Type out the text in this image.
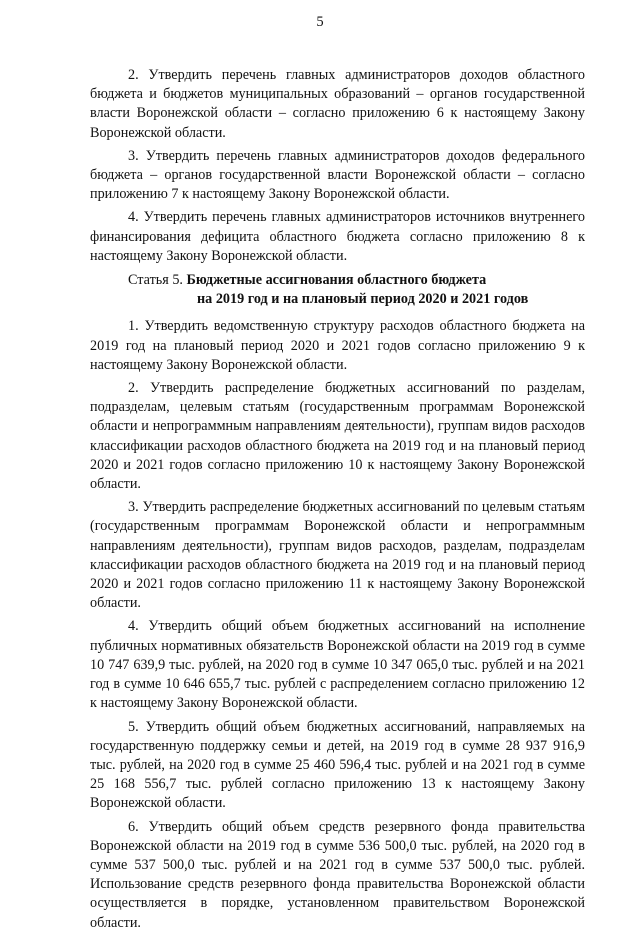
5

2. Утвердить перечень главных администраторов доходов областного бюджета и бюджетов муниципальных образований – органов государственной власти Воронежской области – согласно приложению 6 к настоящему Закону Воронежской области.

3. Утвердить перечень главных администраторов доходов федерального бюджета – органов государственной власти Воронежской области – согласно приложению 7 к настоящему Закону Воронежской области.

4. Утвердить перечень главных администраторов источников внутреннего финансирования дефицита областного бюджета согласно приложению 8 к настоящему Закону Воронежской области.

Статья 5. Бюджетные ассигнования областного бюджета
на 2019 год и на плановый период 2020 и 2021 годов

1. Утвердить ведомственную структуру расходов областного бюджета на 2019 год на плановый период 2020 и 2021 годов согласно приложению 9 к настоящему Закону Воронежской области.

2. Утвердить распределение бюджетных ассигнований по разделам, подразделам, целевым статьям (государственным программам Воронежской области и непрограммным направлениям деятельности), группам видов расходов классификации расходов областного бюджета на 2019 год и на плановый период 2020 и 2021 годов согласно приложению 10 к настоящему Закону Воронежской области.

3. Утвердить распределение бюджетных ассигнований по целевым статьям (государственным программам Воронежской области и непрограммным направлениям деятельности), группам видов расходов, разделам, подразделам классификации расходов областного бюджета на 2019 год и на плановый период 2020 и 2021 годов согласно приложению 11 к настоящему Закону Воронежской области.

4. Утвердить общий объем бюджетных ассигнований на исполнение публичных нормативных обязательств Воронежской области на 2019 год в сумме 10 747 639,9 тыс. рублей, на 2020 год в сумме 10 347 065,0 тыс. рублей и на 2021 год в сумме 10 646 655,7 тыс. рублей с распределением согласно приложению 12 к настоящему Закону Воронежской области.

5. Утвердить общий объем бюджетных ассигнований, направляемых на государственную поддержку семьи и детей, на 2019 год в сумме 28 937 916,9 тыс. рублей, на 2020 год в сумме 25 460 596,4 тыс. рублей и на 2021 год в сумме 25 168 556,7 тыс. рублей согласно приложению 13 к настоящему Закону Воронежской области.

6. Утвердить общий объем средств резервного фонда правительства Воронежской области на 2019 год в сумме 536 500,0 тыс. рублей, на 2020 год в сумме 537 500,0 тыс. рублей и на 2021 год в сумме 537 500,0 тыс. рублей. Использование средств резервного фонда правительства Воронежской области осуществляется в порядке, установленном правительством Воронежской области.
